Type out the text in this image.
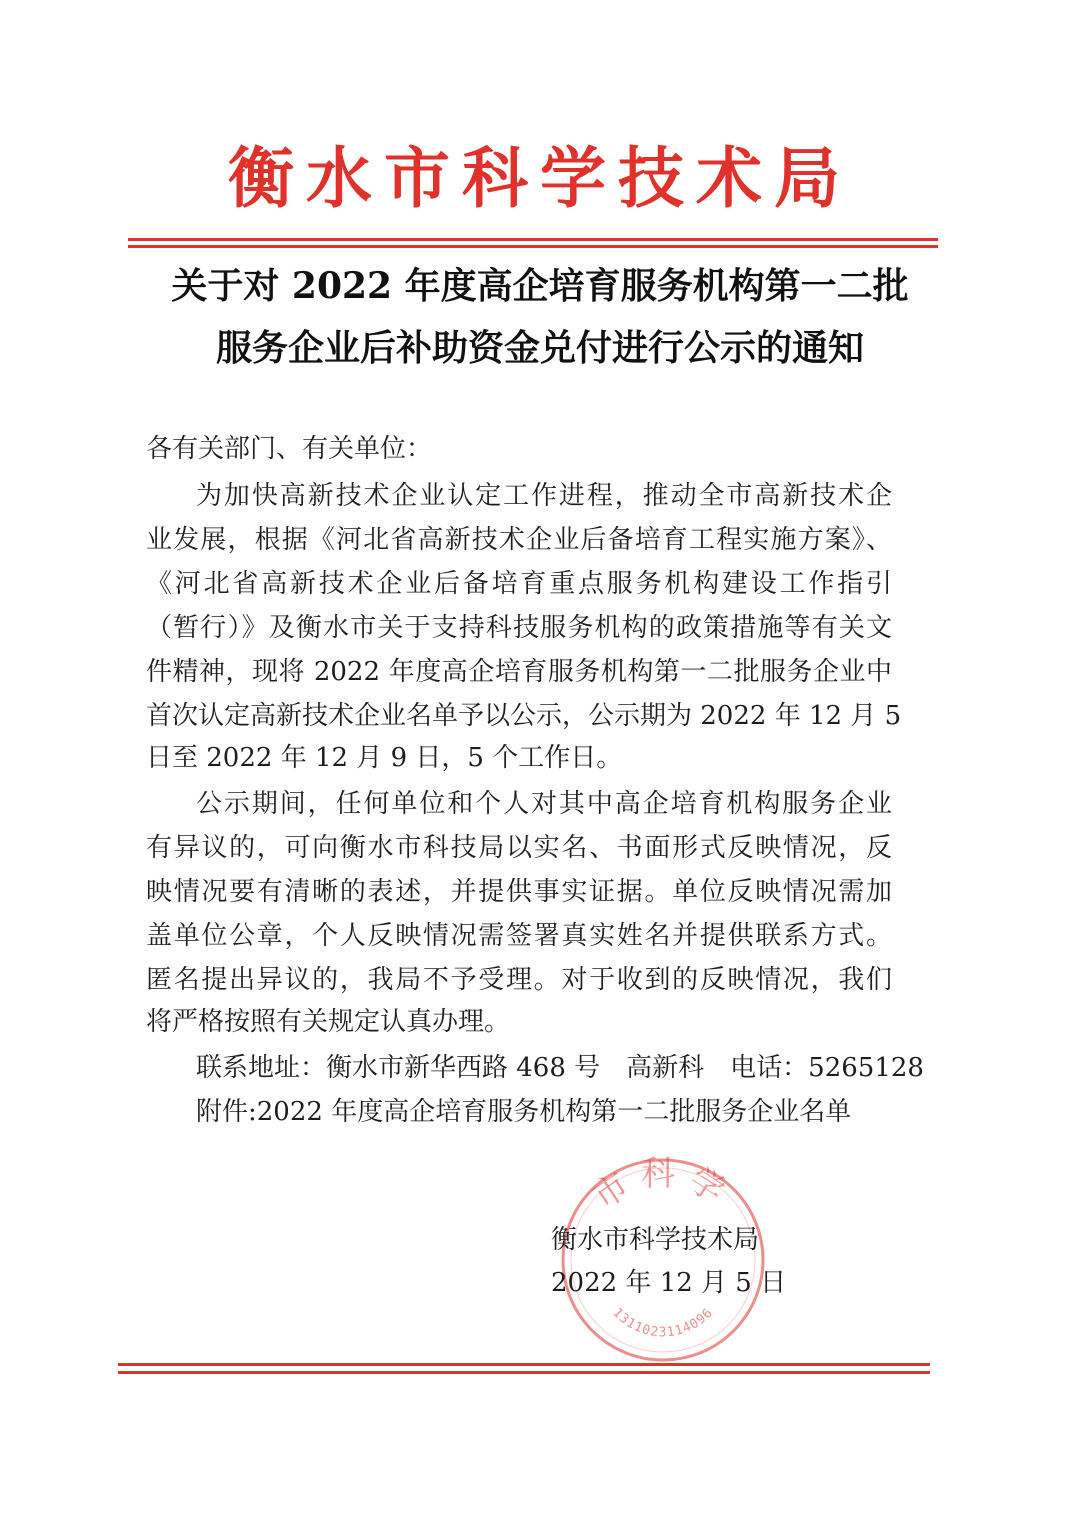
衡水市科学技术局
关于对 2022 年度高企培育服务机构第一二批
服务企业后补助资金兑付进行公示的通知
各有关部门、有关单位：
为加快高新技术企业认定工作进程，推动全市高新技术企
业发展，根据《河北省高新技术企业后备培育工程实施方案》、
《河北省高新技术企业后备培育重点服务机构建设工作指引
（暂行）》及衡水市关于支持科技服务机构的政策措施等有关文
件精神，现将 2022 年度高企培育服务机构第一二批服务企业中
首次认定高新技术企业名单予以公示，公示期为 2022 年 12 月 5
日至 2022 年 12 月 9 日，5 个工作日。
公示期间，任何单位和个人对其中高企培育机构服务企业
有异议的，可向衡水市科技局以实名、书面形式反映情况，反
映情况要有清晰的表述，并提供事实证据。单位反映情况需加
盖单位公章，个人反映情况需签署真实姓名并提供联系方式。
匿名提出异议的，我局不予受理。对于收到的反映情况，我们
将严格按照有关规定认真办理。
联系地址：衡水市新华西路 468 号　高新科　电话：5265128
附件:2022 年度高企培育服务机构第一二批服务企业名单
市科学
1311023114096
衡水市科学技术局
2022 年 12 月 5 日
